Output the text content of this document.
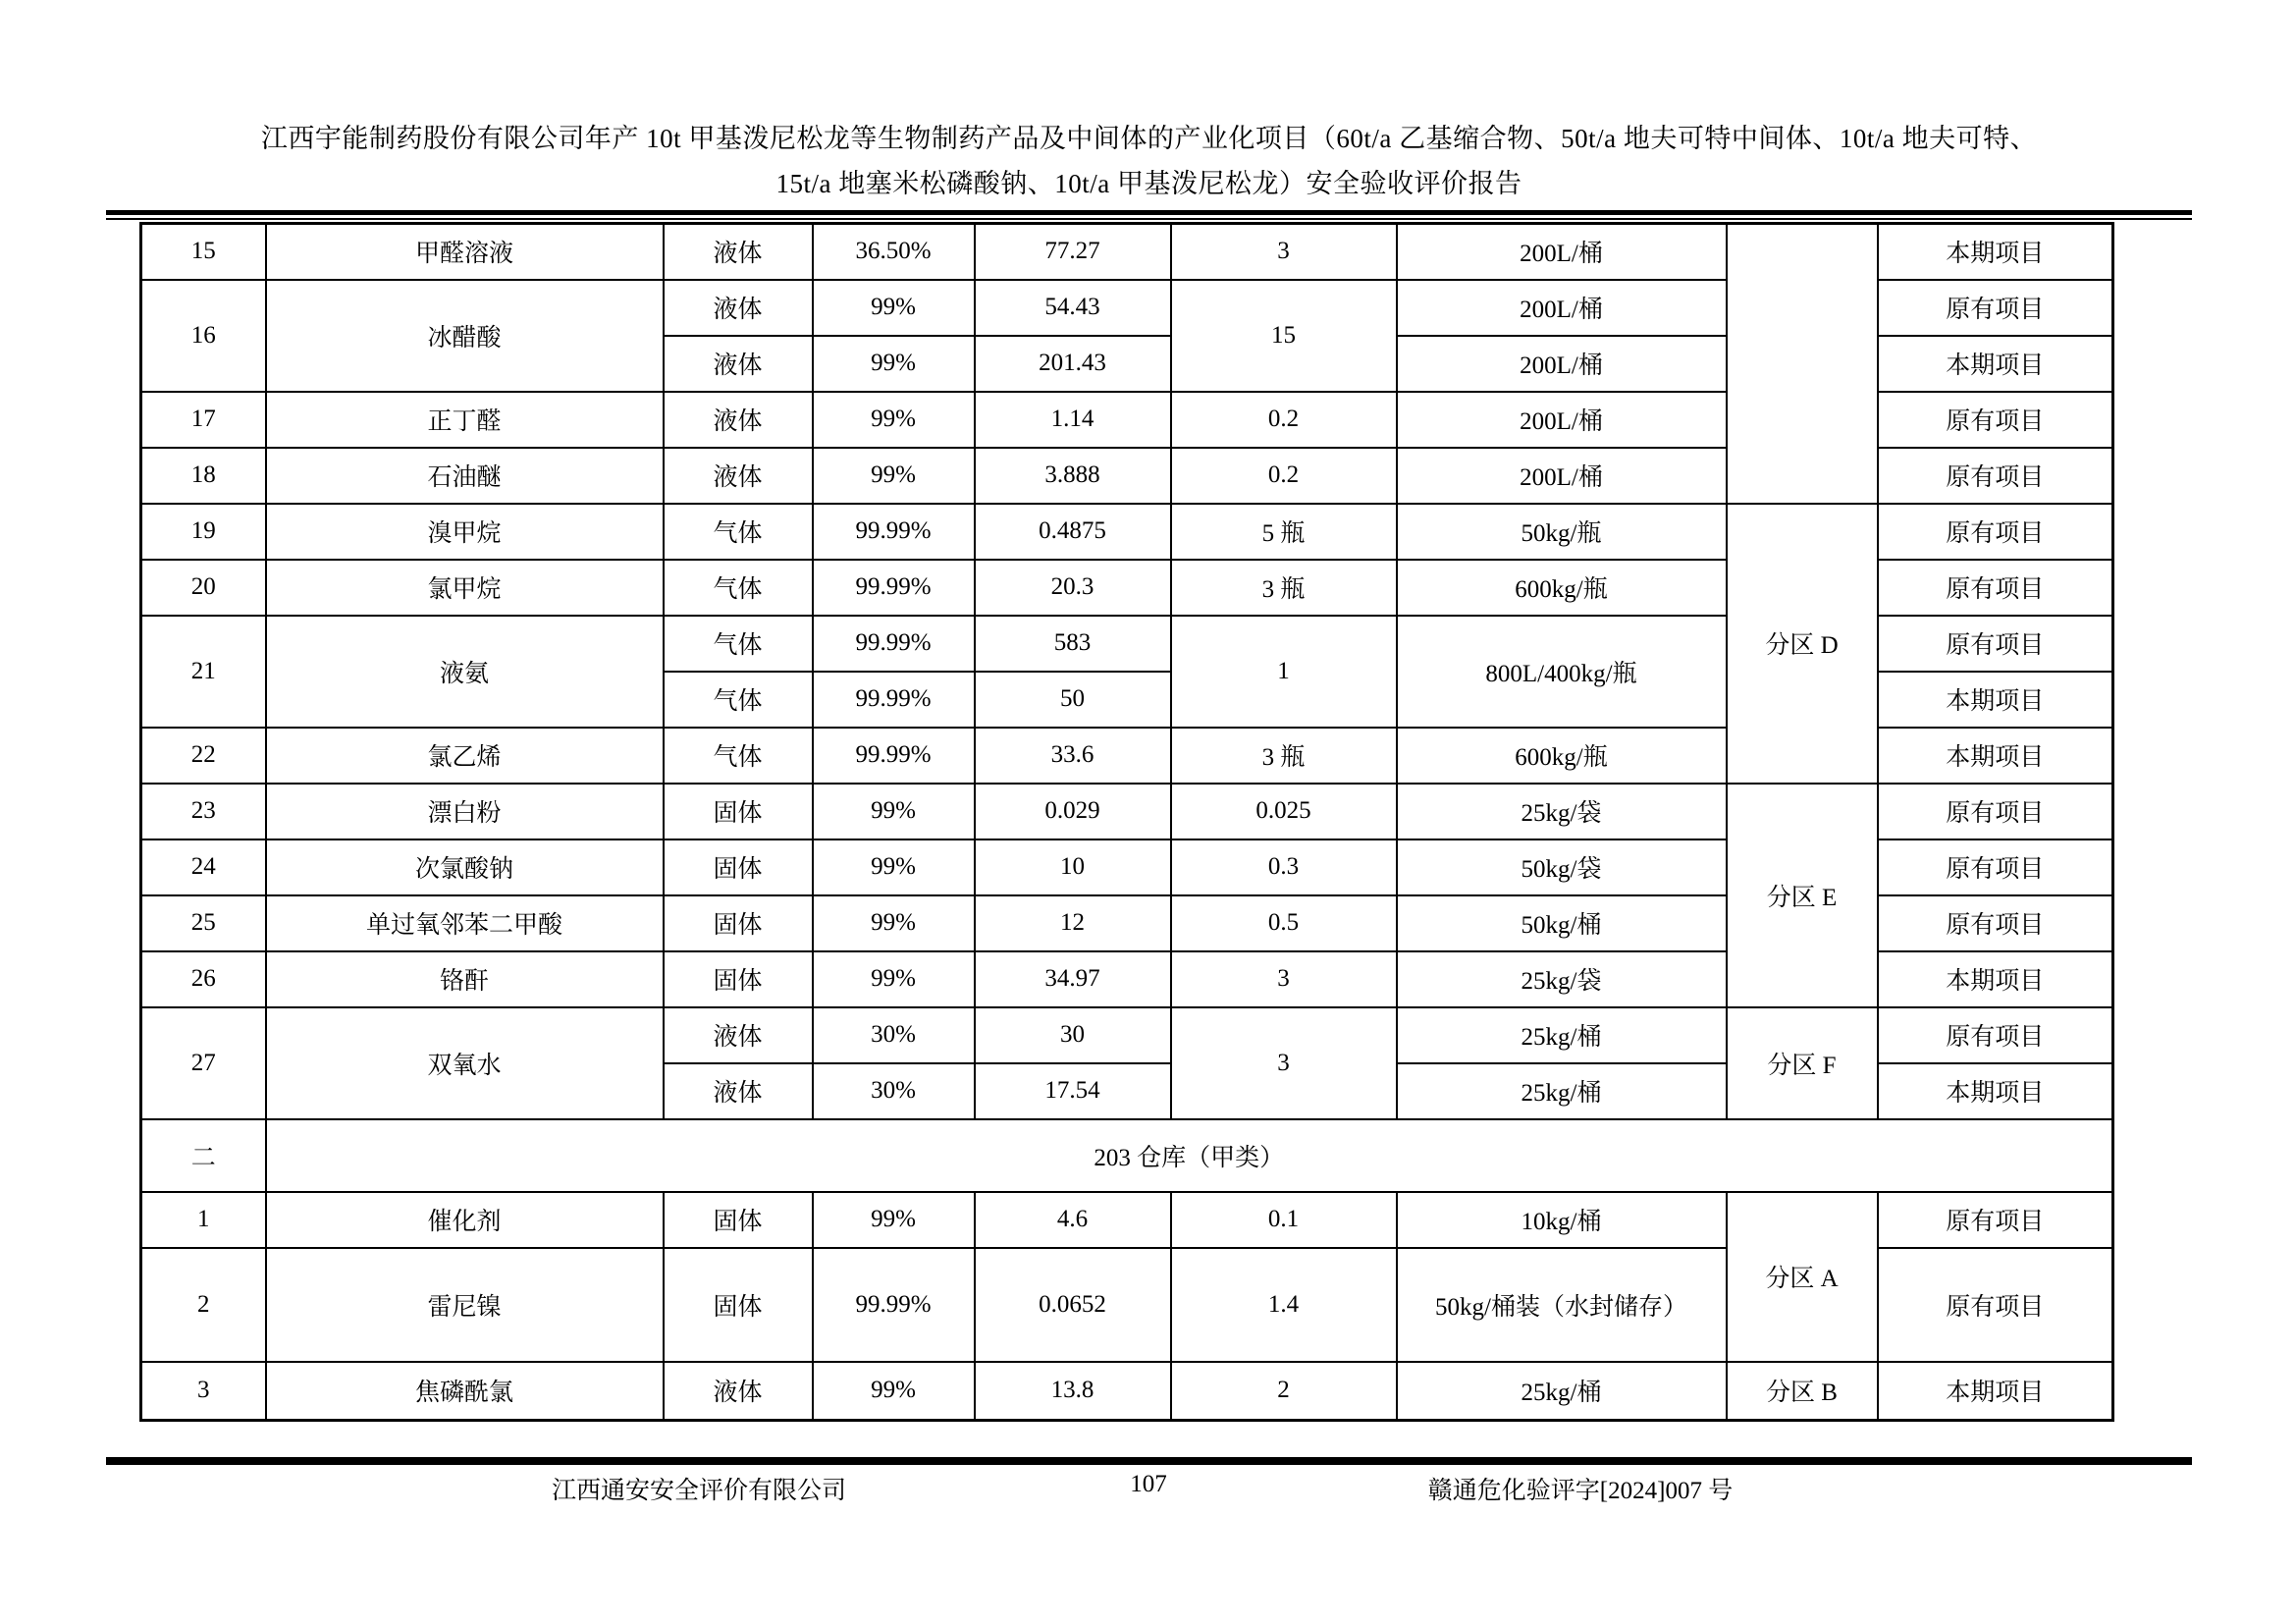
江西宇能制药股份有限公司年产 10t 甲基泼尼松龙等生物制药产品及中间体的产业化项目（60t/a 乙基缩合物、50t/a 地夫可特中间体、10t/a 地夫可特、
15t/a 地塞米松磷酸钠、10t/a 甲基泼尼松龙）安全验收评价报告
15	甲醛溶液	液体	36.50%	77.27	3	200L/桶		本期项目
16	冰醋酸	液体	99%	54.43	15	200L/桶		原有项目
		液体	99%	201.43		200L/桶		本期项目
17	正丁醛	液体	99%	1.14	0.2	200L/桶		原有项目
18	石油醚	液体	99%	3.888	0.2	200L/桶		原有项目
19	溴甲烷	气体	99.99%	0.4875	5 瓶	50kg/瓶	分区 D	原有项目
20	氯甲烷	气体	99.99%	20.3	3 瓶	600kg/瓶		原有项目
21	液氨	气体	99.99%	583	1	800L/400kg/瓶		原有项目
		气体	99.99%	50				本期项目
22	氯乙烯	气体	99.99%	33.6	3 瓶	600kg/瓶		本期项目
23	漂白粉	固体	99%	0.029	0.025	25kg/袋	分区 E	原有项目
24	次氯酸钠	固体	99%	10	0.3	50kg/袋		原有项目
25	单过氧邻苯二甲酸	固体	99%	12	0.5	50kg/桶		原有项目
26	铬酐	固体	99%	34.97	3	25kg/袋		本期项目
27	双氧水	液体	30%	30	3	25kg/桶	分区 F	原有项目
		液体	30%	17.54		25kg/桶		本期项目
二	203 仓库（甲类）							
1	催化剂	固体	99%	4.6	0.1	10kg/桶	分区 A	原有项目
2	雷尼镍	固体	99.99%	0.0652	1.4	50kg/桶装（水封储存）		原有项目
3	焦磷酰氯	液体	99%	13.8	2	25kg/桶	分区 B	本期项目
江西通安安全评价有限公司	107	赣通危化验评字[2024]007 号
